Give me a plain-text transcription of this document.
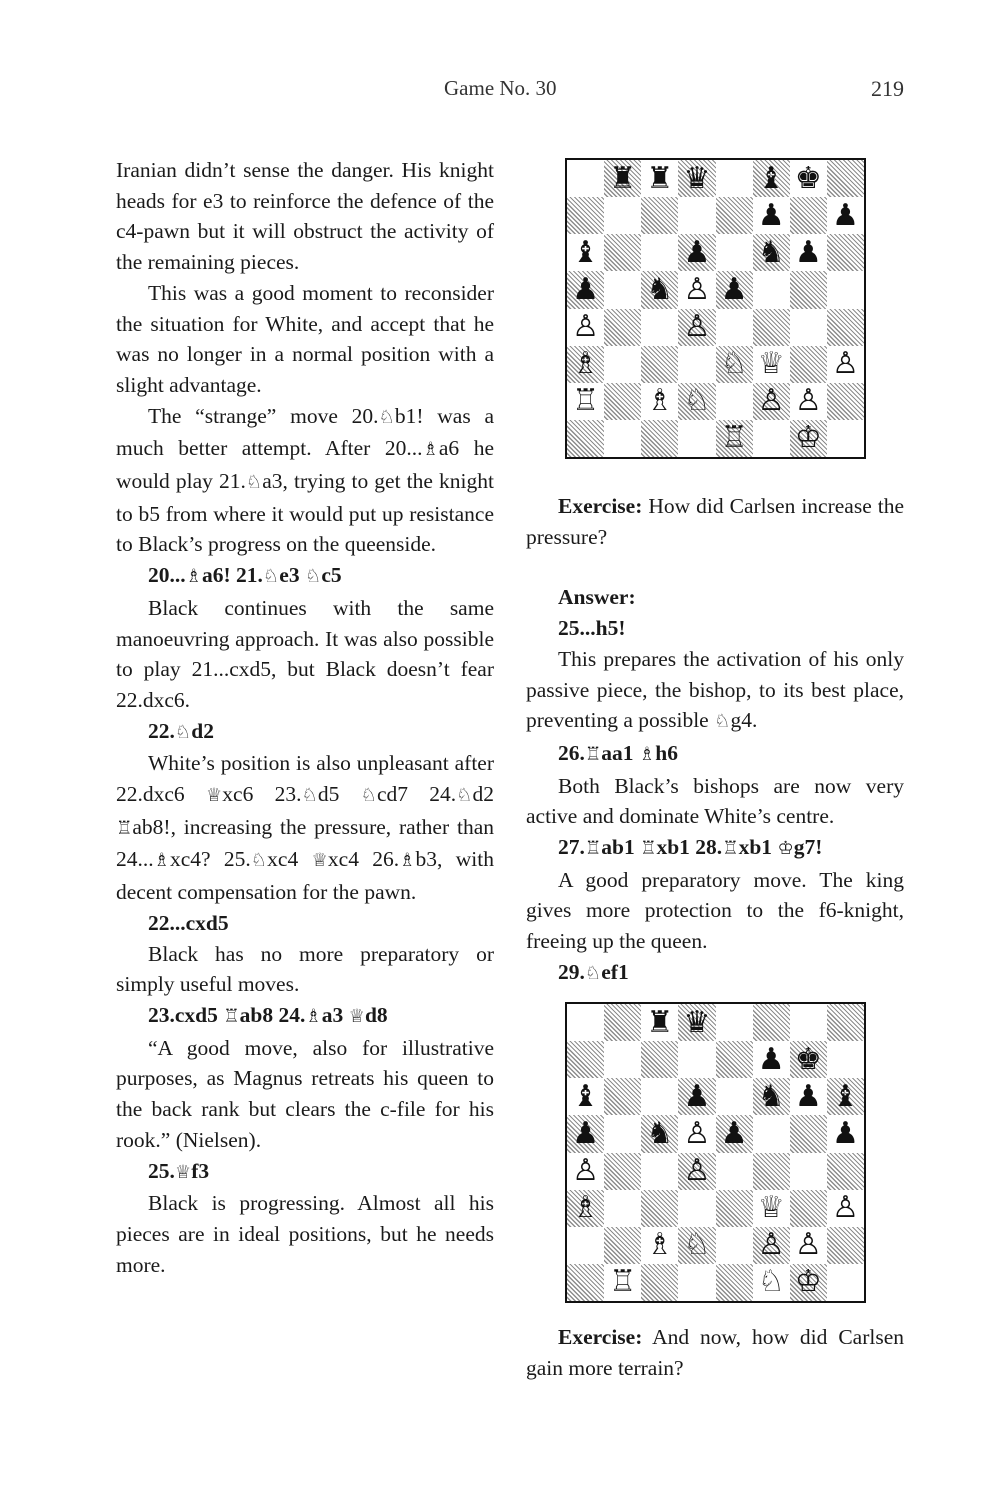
Game No. 30	219

Iranian didn’t sense the danger. His knight heads for e3 to reinforce the defence of the c4-pawn but it will obstruct the activity of the remaining pieces.

This was a good moment to reconsider the situation for White, and accept that he was no longer in a normal position with a slight advantage.

The “strange” move 20.♘b1! was a much better attempt. After 20...♗a6 he would play 21.♘a3, trying to get the knight to b5 from where it would put up resistance to Black’s progress on the queenside.

20...♗a6! 21.♘e3 ♘c5

Black continues with the same manoeuvring approach. It was also possible to play 21...cxd5, but Black doesn’t fear 22.dxc6.

22.♘d2

White’s position is also unpleasant after 22.dxc6 ♕xc6 23.♘d5 ♘cd7 24.♘d2 ♖ab8!, increasing the pressure, rather than 24...♗xc4? 25.♘xc4 ♕xc4 26.♗b3, with decent compensation for the pawn.

22...cxd5

Black has no more preparatory or simply useful moves.

23.cxd5 ♖ab8 24.♗a3 ♕d8

“A good move, also for illustrative purposes, as Magnus retreats his queen to the back rank but clears the c-file for his rook.” (Nielsen).

25.♕f3

Black is progressing. Almost all his pieces are in ideal positions, but he needs more.

♜ ♜ ♛ ♝ ♚
♟ ♟
♝	♟ ♞ ♟
♟ ♞ ♙ ♟
♙	♙
♗	♘ ♕ ♙
♖ ♗ ♘ ♙ ♙
♖ ♔

Exercise: How did Carlsen increase the pressure?

Answer:

25...h5!

This prepares the activation of his only passive piece, the bishop, to its best place, preventing a possible ♘g4.

26.♖aa1 ♗h6

Both Black’s bishops are now very active and dominate White’s centre.

27.♖ab1 ♖xb1 28.♖xb1 ♔g7!

A good preparatory move. The king gives more protection to the f6-knight, freeing up the queen.

29.♘ef1

♜ ♛
♟ ♚
♝	♟ ♞ ♟ ♝
♟ ♞ ♙ ♟	♟
♙	♙
♗	♕ ♙
♗ ♘ ♙ ♙
♖	♘ ♔

Exercise: And now, how did Carlsen gain more terrain?
